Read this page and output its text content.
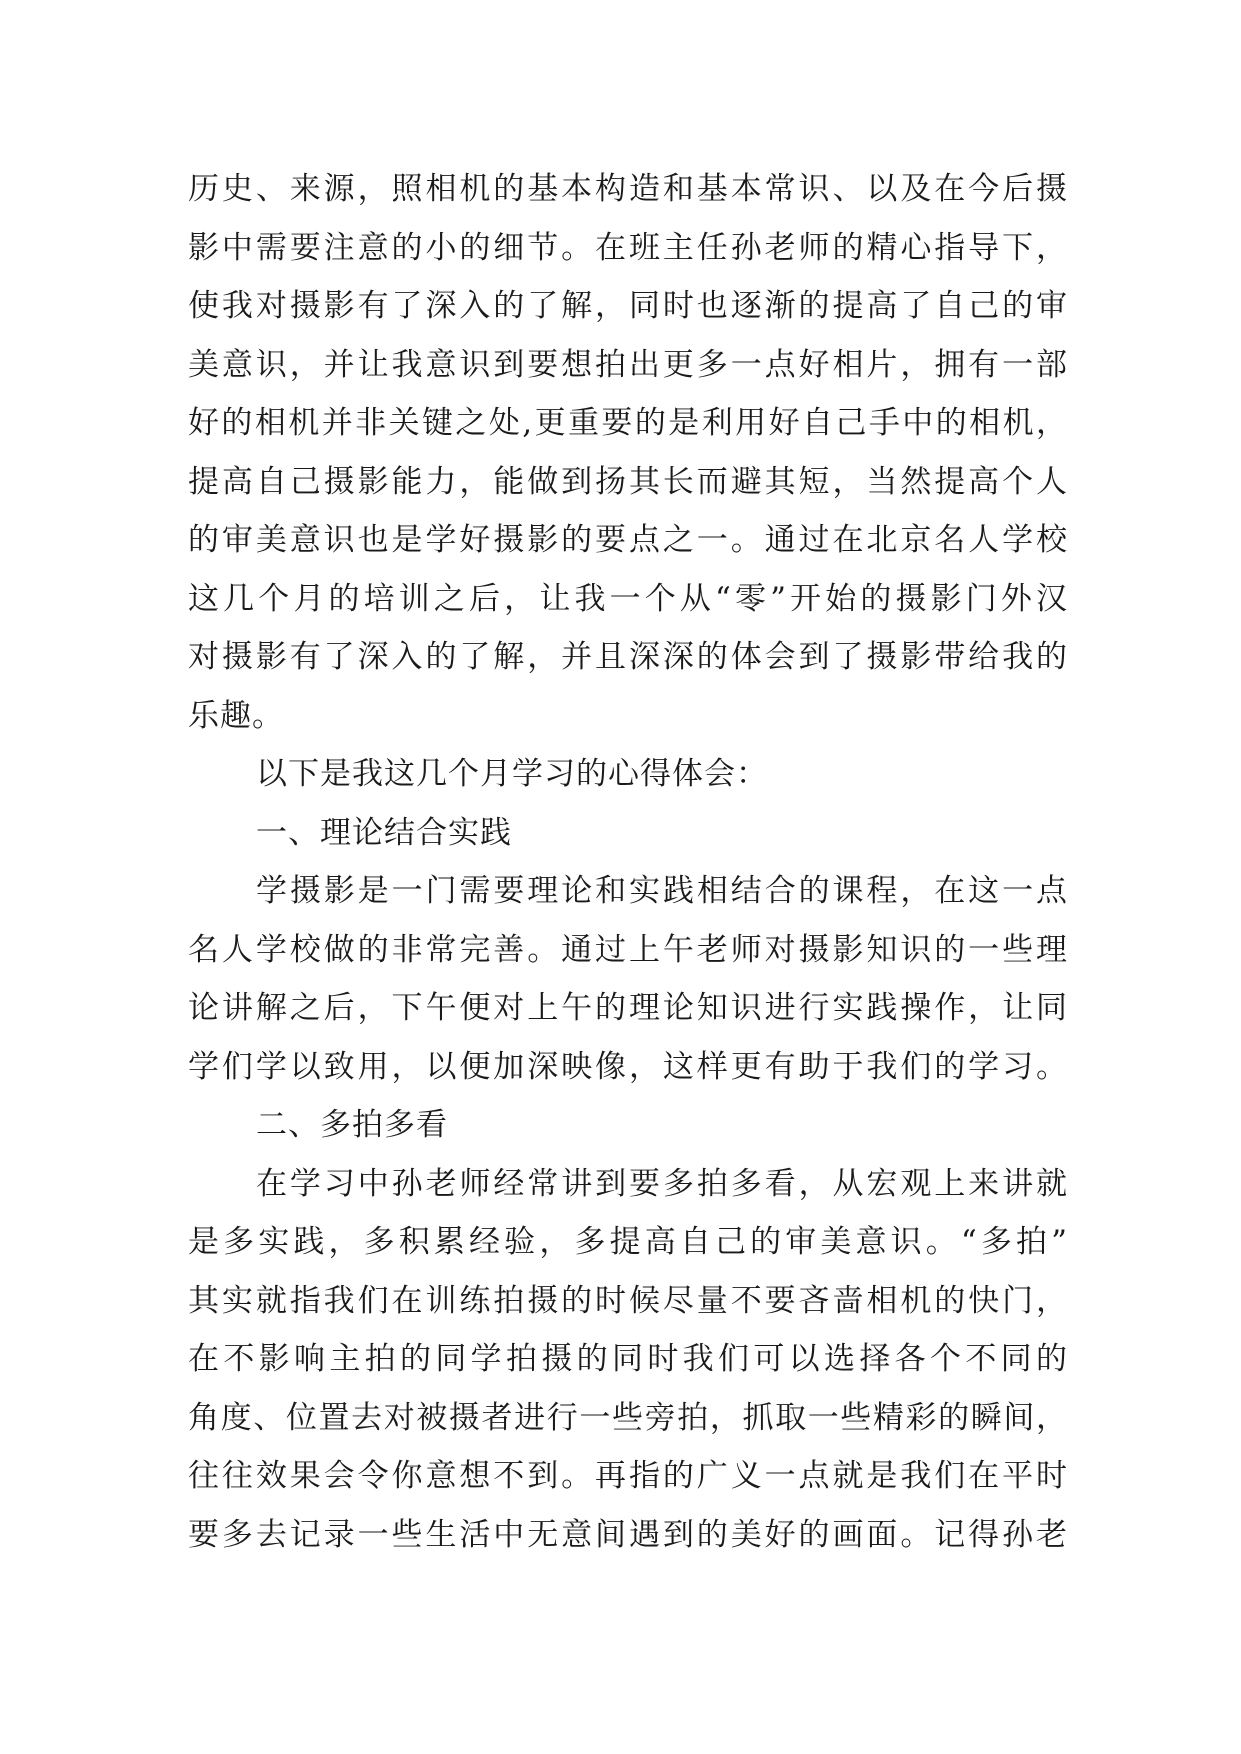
历史、来源，照相机的基本构造和基本常识、以及在今后摄
影中需要注意的小的细节。在班主任孙老师的精心指导下，
使我对摄影有了深入的了解，同时也逐渐的提高了自己的审
美意识，并让我意识到要想拍出更多一点好相片，拥有一部
好的相机并非关键之处,更重要的是利用好自己手中的相机，
提高自己摄影能力，能做到扬其长而避其短，当然提高个人
的审美意识也是学好摄影的要点之一。通过在北京名人学校
这几个月的培训之后，让我一个从“零”开始的摄影门外汉
对摄影有了深入的了解，并且深深的体会到了摄影带给我的
乐趣。
以下是我这几个月学习的心得体会：
一、理论结合实践
学摄影是一门需要理论和实践相结合的课程，在这一点
名人学校做的非常完善。通过上午老师对摄影知识的一些理
论讲解之后，下午便对上午的理论知识进行实践操作，让同
学们学以致用，以便加深映像，这样更有助于我们的学习。
二、多拍多看
在学习中孙老师经常讲到要多拍多看，从宏观上来讲就
是多实践，多积累经验，多提高自己的审美意识。“多拍”
其实就指我们在训练拍摄的时候尽量不要吝啬相机的快门，
在不影响主拍的同学拍摄的同时我们可以选择各个不同的
角度、位置去对被摄者进行一些旁拍，抓取一些精彩的瞬间，
往往效果会令你意想不到。再指的广义一点就是我们在平时
要多去记录一些生活中无意间遇到的美好的画面。记得孙老
